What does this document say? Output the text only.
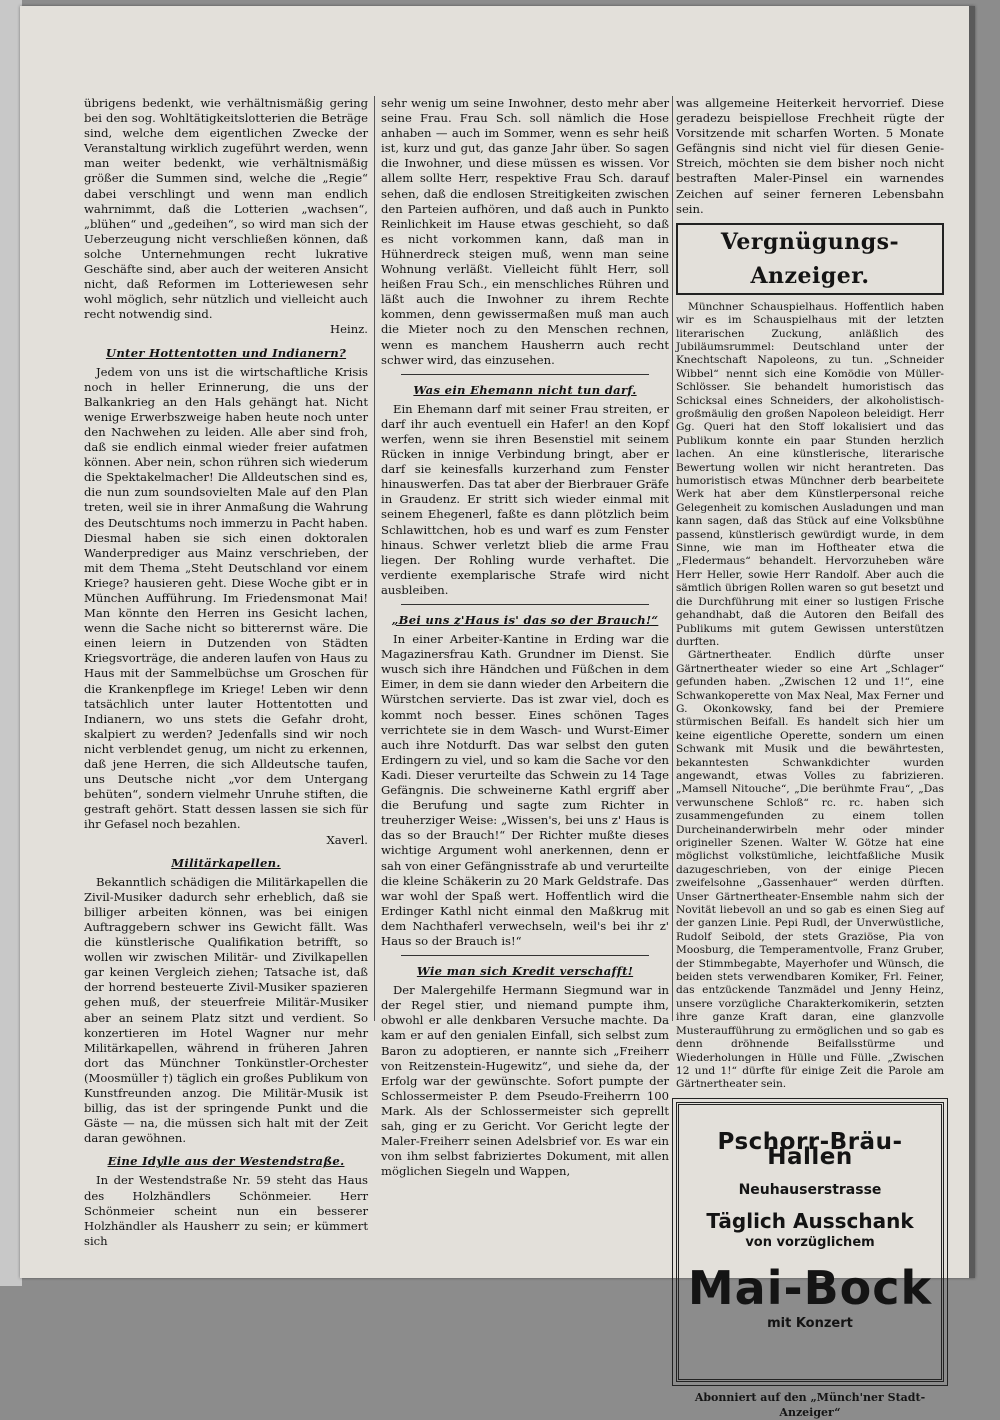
übrigens bedenkt, wie verhältnismäßig gering bei den sog. Wohltätigkeitslotterien die Beträge sind, welche dem eigentlichen Zwecke der Veranstaltung wirklich zugeführt werden, wenn man weiter bedenkt, wie verhältnismäßig größer die Summen sind, welche die „Regie“ dabei verschlingt und wenn man endlich wahrnimmt, daß die Lotterien „wachsen“, „blühen“ und „gedeihen“, so wird man sich der Ueberzeugung nicht verschließen können, daß solche Unternehmungen recht lukrative Geschäfte sind, aber auch der weiteren Ansicht nicht, daß Reformen im Lotteriewesen sehr wohl möglich, sehr nützlich und vielleicht auch recht notwendig sind.

Heinz.
Unter Hottentotten und Indianern?

Jedem von uns ist die wirtschaftliche Krisis noch in heller Erinnerung, die uns der Balkankrieg an den Hals gehängt hat. Nicht wenige Erwerbszweige haben heute noch unter den Nachwehen zu leiden. Alle aber sind froh, daß sie endlich einmal wieder freier aufatmen können. Aber nein, schon rühren sich wiederum die Spektakelmacher! Die Alldeutschen sind es, die nun zum soundsovielten Male auf den Plan treten, weil sie in ihrer Anmaßung die Wahrung des Deutschtums noch immerzu in Pacht haben. Diesmal haben sie sich einen doktoralen Wanderprediger aus Mainz verschrieben, der mit dem Thema „Steht Deutschland vor einem Kriege? hausieren geht. Diese Woche gibt er in München Aufführung. Im Friedensmonat Mai! Man könnte den Herren ins Gesicht lachen, wenn die Sache nicht so bitterernst wäre. Die einen leiern in Dutzenden von Städten Kriegsvorträge, die anderen laufen von Haus zu Haus mit der Sammelbüchse um Groschen für die Krankenpflege im Kriege! Leben wir denn tatsächlich unter lauter Hottentotten und Indianern, wo uns stets die Gefahr droht, skalpiert zu werden? Jedenfalls sind wir noch nicht verblendet genug, um nicht zu erkennen, daß jene Herren, die sich Alldeutsche taufen, uns Deutsche nicht „vor dem Untergang behüten“, sondern vielmehr Unruhe stiften, die gestraft gehört. Statt dessen lassen sie sich für ihr Gefasel noch bezahlen.

Xaverl.
Militärkapellen.

Bekanntlich schädigen die Militärkapellen die Zivil-Musiker dadurch sehr erheblich, daß sie billiger arbeiten können, was bei einigen Auftraggebern schwer ins Gewicht fällt. Was die künstlerische Qualifikation betrifft, so wollen wir zwischen Militär- und Zivilkapellen gar keinen Vergleich ziehen; Tatsache ist, daß der horrend besteuerte Zivil-Musiker spazieren gehen muß, der steuerfreie Militär-Musiker aber an seinem Platz sitzt und verdient. So konzertieren im Hotel Wagner nur mehr Militärkapellen, während in früheren Jahren dort das Münchner Tonkünstler-Orchester (Moosmüller †) täglich ein großes Publikum von Kunstfreunden anzog. Die Militär-Musik ist billig, das ist der springende Punkt und die Gäste — na, die müssen sich halt mit der Zeit daran gewöhnen.

Eine Idylle aus der Westendstraße.

In der Westendstraße Nr. 59 steht das Haus des Holzhändlers Schönmeier. Herr Schönmeier scheint nun ein besserer Holzhändler als Hausherr zu sein; er kümmert sich

sehr wenig um seine Inwohner, desto mehr aber seine Frau. Frau Sch. soll nämlich die Hose anhaben — auch im Sommer, wenn es sehr heiß ist, kurz und gut, das ganze Jahr über. So sagen die Inwohner, und diese müssen es wissen. Vor allem sollte Herr, respektive Frau Sch. darauf sehen, daß die endlosen Streitigkeiten zwischen den Parteien aufhören, und daß auch in Punkto Reinlichkeit im Hause etwas geschieht, so daß es nicht vorkommen kann, daß man in Hühnerdreck steigen muß, wenn man seine Wohnung verläßt. Vielleicht fühlt Herr, soll heißen Frau Sch., ein menschliches Rühren und läßt auch die Inwohner zu ihrem Rechte kommen, denn gewissermaßen muß man auch die Mieter noch zu den Menschen rechnen, wenn es manchem Hausherrn auch recht schwer wird, das einzusehen.

Was ein Ehemann nicht tun darf.

Ein Ehemann darf mit seiner Frau streiten, er darf ihr auch eventuell ein Hafer! an den Kopf werfen, wenn sie ihren Besenstiel mit seinem Rücken in innige Verbindung bringt, aber er darf sie keinesfalls kurzerhand zum Fenster hinauswerfen. Das tat aber der Bierbrauer Gräfe in Graudenz. Er stritt sich wieder einmal mit seinem Ehegenerl, faßte es dann plötzlich beim Schlawittchen, hob es und warf es zum Fenster hinaus. Schwer verletzt blieb die arme Frau liegen. Der Rohling wurde verhaftet. Die verdiente exemplarische Strafe wird nicht ausbleiben.

„Bei uns z'Haus is' das so der Brauch!“

In einer Arbeiter-Kantine in Erding war die Magazinersfrau Kath. Grundner im Dienst. Sie wusch sich ihre Händchen und Füßchen in dem Eimer, in dem sie dann wieder den Arbeitern die Würstchen servierte. Das ist zwar viel, doch es kommt noch besser. Eines schönen Tages verrichtete sie in dem Wasch- und Wurst-Eimer auch ihre Notdurft. Das war selbst den guten Erdingern zu viel, und so kam die Sache vor den Kadi. Dieser verurteilte das Schwein zu 14 Tage Gefängnis. Die schweinerne Kathl ergriff aber die Berufung und sagte zum Richter in treuherziger Weise: „Wissen's, bei uns z' Haus is das so der Brauch!“ Der Richter mußte dieses wichtige Argument wohl anerkennen, denn er sah von einer Gefängnisstrafe ab und verurteilte die kleine Schäkerin zu 20 Mark Geldstrafe. Das war wohl der Spaß wert. Hoffentlich wird die Erdinger Kathl nicht einmal den Maßkrug mit dem Nachthaferl verwechseln, weil's bei ihr z' Haus so der Brauch is!“

Wie man sich Kredit verschafft!

Der Malergehilfe Hermann Siegmund war in der Regel stier, und niemand pumpte ihm, obwohl er alle denkbaren Versuche machte. Da kam er auf den genialen Einfall, sich selbst zum Baron zu adoptieren, er nannte sich „Freiherr von Reitzenstein-Hugewitz“, und siehe da, der Erfolg war der gewünschte. Sofort pumpte der Schlossermeister P. dem Pseudo-Freiherrn 100 Mark. Als der Schlossermeister sich geprellt sah, ging er zu Gericht. Vor Gericht legte der Maler-Freiherr seinen Adelsbrief vor. Es war ein von ihm selbst fabriziertes Dokument, mit allen möglichen Siegeln und Wappen,

was allgemeine Heiterkeit hervorrief. Diese geradezu beispiellose Frechheit rügte der Vorsitzende mit scharfen Worten. 5 Monate Gefängnis sind nicht viel für diesen Genie-Streich, möchten sie dem bisher noch nicht bestraften Maler-Pinsel ein warnendes Zeichen auf seiner ferneren Lebensbahn sein.

Vergnügungs-Anzeiger.

Münchner Schauspielhaus. Hoffentlich haben wir es im Schauspielhaus mit der letzten literarischen Zuckung, anläßlich des Jubiläumsrummel: Deutschland unter der Knechtschaft Napoleons, zu tun. „Schneider Wibbel“ nennt sich eine Komödie von Müller-Schlösser. Sie behandelt humoristisch das Schicksal eines Schneiders, der alkoholistisch-großmäulig den großen Napoleon beleidigt. Herr Gg. Queri hat den Stoff lokalisiert und das Publikum konnte ein paar Stunden herzlich lachen. An eine künstlerische, literarische Bewertung wollen wir nicht herantreten. Das humoristisch etwas Münchner derb bearbeitete Werk hat aber dem Künstlerpersonal reiche Gelegenheit zu komischen Ausladungen und man kann sagen, daß das Stück auf eine Volksbühne passend, künstlerisch gewürdigt wurde, in dem Sinne, wie man im Hoftheater etwa die „Fledermaus“ behandelt. Hervorzuheben wäre Herr Heller, sowie Herr Randolf. Aber auch die sämtlich übrigen Rollen waren so gut besetzt und die Durchführung mit einer so lustigen Frische gehandhabt, daß die Autoren den Beifall des Publikums mit gutem Gewissen unterstützen durften.

Gärtnertheater. Endlich dürfte unser Gärtnertheater wieder so eine Art „Schlager“ gefunden haben. „Zwischen 12 und 1!“, eine Schwankoperette von Max Neal, Max Ferner und G. Okonkowsky, fand bei der Premiere stürmischen Beifall. Es handelt sich hier um keine eigentliche Operette, sondern um einen Schwank mit Musik und die bewährtesten, bekanntesten Schwankdichter wurden angewandt, etwas Volles zu fabrizieren. „Mamsell Nitouche“, „Die berühmte Frau“, „Das verwunschene Schloß“ rc. rc. haben sich zusammengefunden zu einem tollen Durcheinanderwirbeln mehr oder minder origineller Szenen. Walter W. Götze hat eine möglichst volkstümliche, leichtfaßliche Musik dazugeschrieben, von der einige Piecen zweifelsohne „Gassenhauer“ werden dürften. Unser Gärtnertheater-Ensemble nahm sich der Novität liebevoll an und so gab es einen Sieg auf der ganzen Linie. Pepi Rudl, der Unverwüstliche, Rudolf Seibold, der stets Graziöse, Pia von Moosburg, die Temperamentvolle, Franz Gruber, der Stimmbegabte, Mayerhofer und Wünsch, die beiden stets verwendbaren Komiker, Frl. Feiner, das entzückende Tanzmädel und Jenny Heinz, unsere vorzügliche Charakterkomikerin, setzten ihre ganze Kraft daran, eine glanzvolle Musteraufführung zu ermöglichen und so gab es denn dröhnende Beifallsstürme und Wiederholungen in Hülle und Fülle. „Zwischen 12 und 1!“ dürfte für einige Zeit die Parole am Gärtnertheater sein.

Pschorr-Bräu-Hallen
Neuhauserstrasse
Täglich Ausschank
von vorzüglichem
Mai-Bock
mit Konzert
Abonniert auf den „Münch'ner Stadt-Anzeiger“
